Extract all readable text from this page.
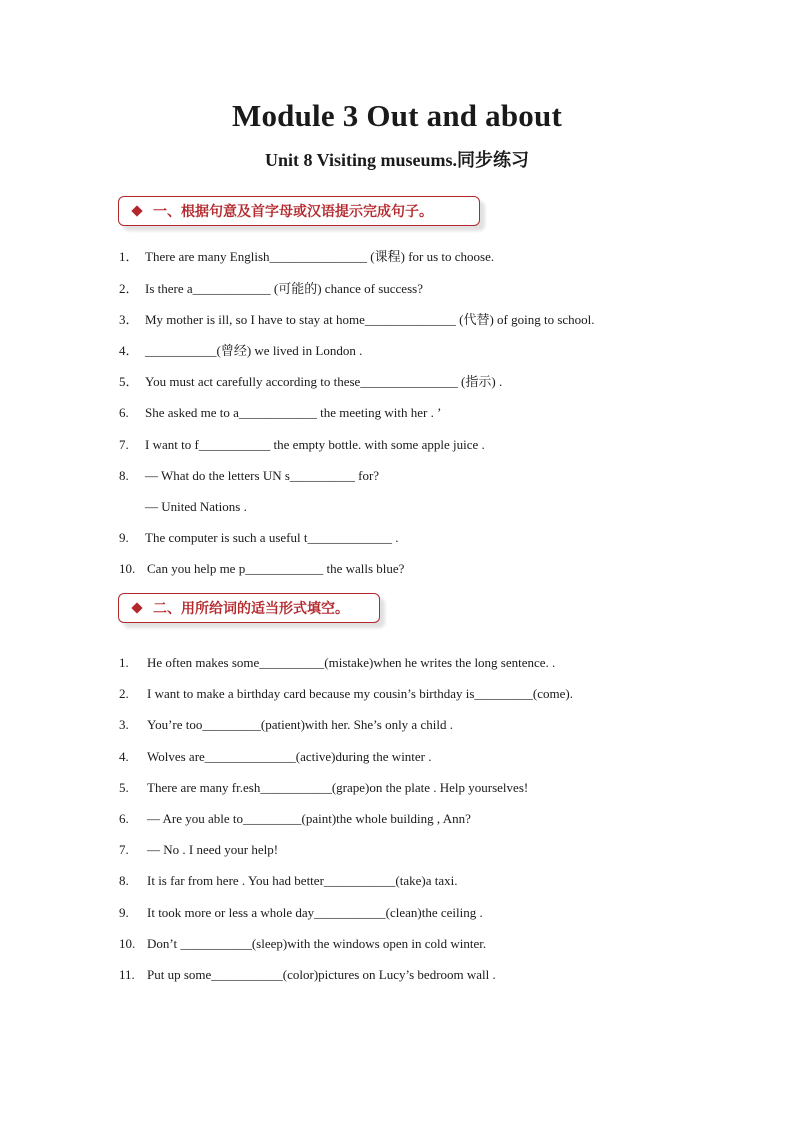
Module 3 Out and about
Unit 8 Visiting museums.同步练习
一、根据句意及首字母或汉语提示完成句子。
1． There are many English_______________ (课程) for us to choose.
2． Is there a____________ (可能的) chance of success?
3． My mother is ill, so I have to stay at home______________ (代替) of going to school.
4． ___________(曾经) we lived in London .
5． You must act carefully according to these_______________ (指示) .
6. She asked me to a____________ the meeting with her . ’
7. I want to f___________ the empty bottle. with some apple juice .
8. — What do the letters UN s__________ for?
— United Nations .
9. The computer is such a useful t_____________ .
10. Can you help me p____________ the walls blue?
二、用所给词的适当形式填空。
1. He often makes some__________(mistake)when he writes the long sentence. .
2. I want to make a birthday card because my cousin’s birthday is_________(come).
3. You’re too_________(patient)with her. She’s only a child .
4. Wolves are______________(active)during the winter .
5. There are many fr.esh___________(grape)on the plate . Help yourselves!
6. — Are you able to_________(paint)the whole building , Ann?
7. — No . I need your help!
8. It is far from here . You had better___________(take)a taxi.
9. It took more or less a whole day___________(clean)the ceiling .
10. Don’t ___________(sleep)with the windows open in cold winter.
11. Put up some___________(color)pictures on Lucy’s bedroom wall .
